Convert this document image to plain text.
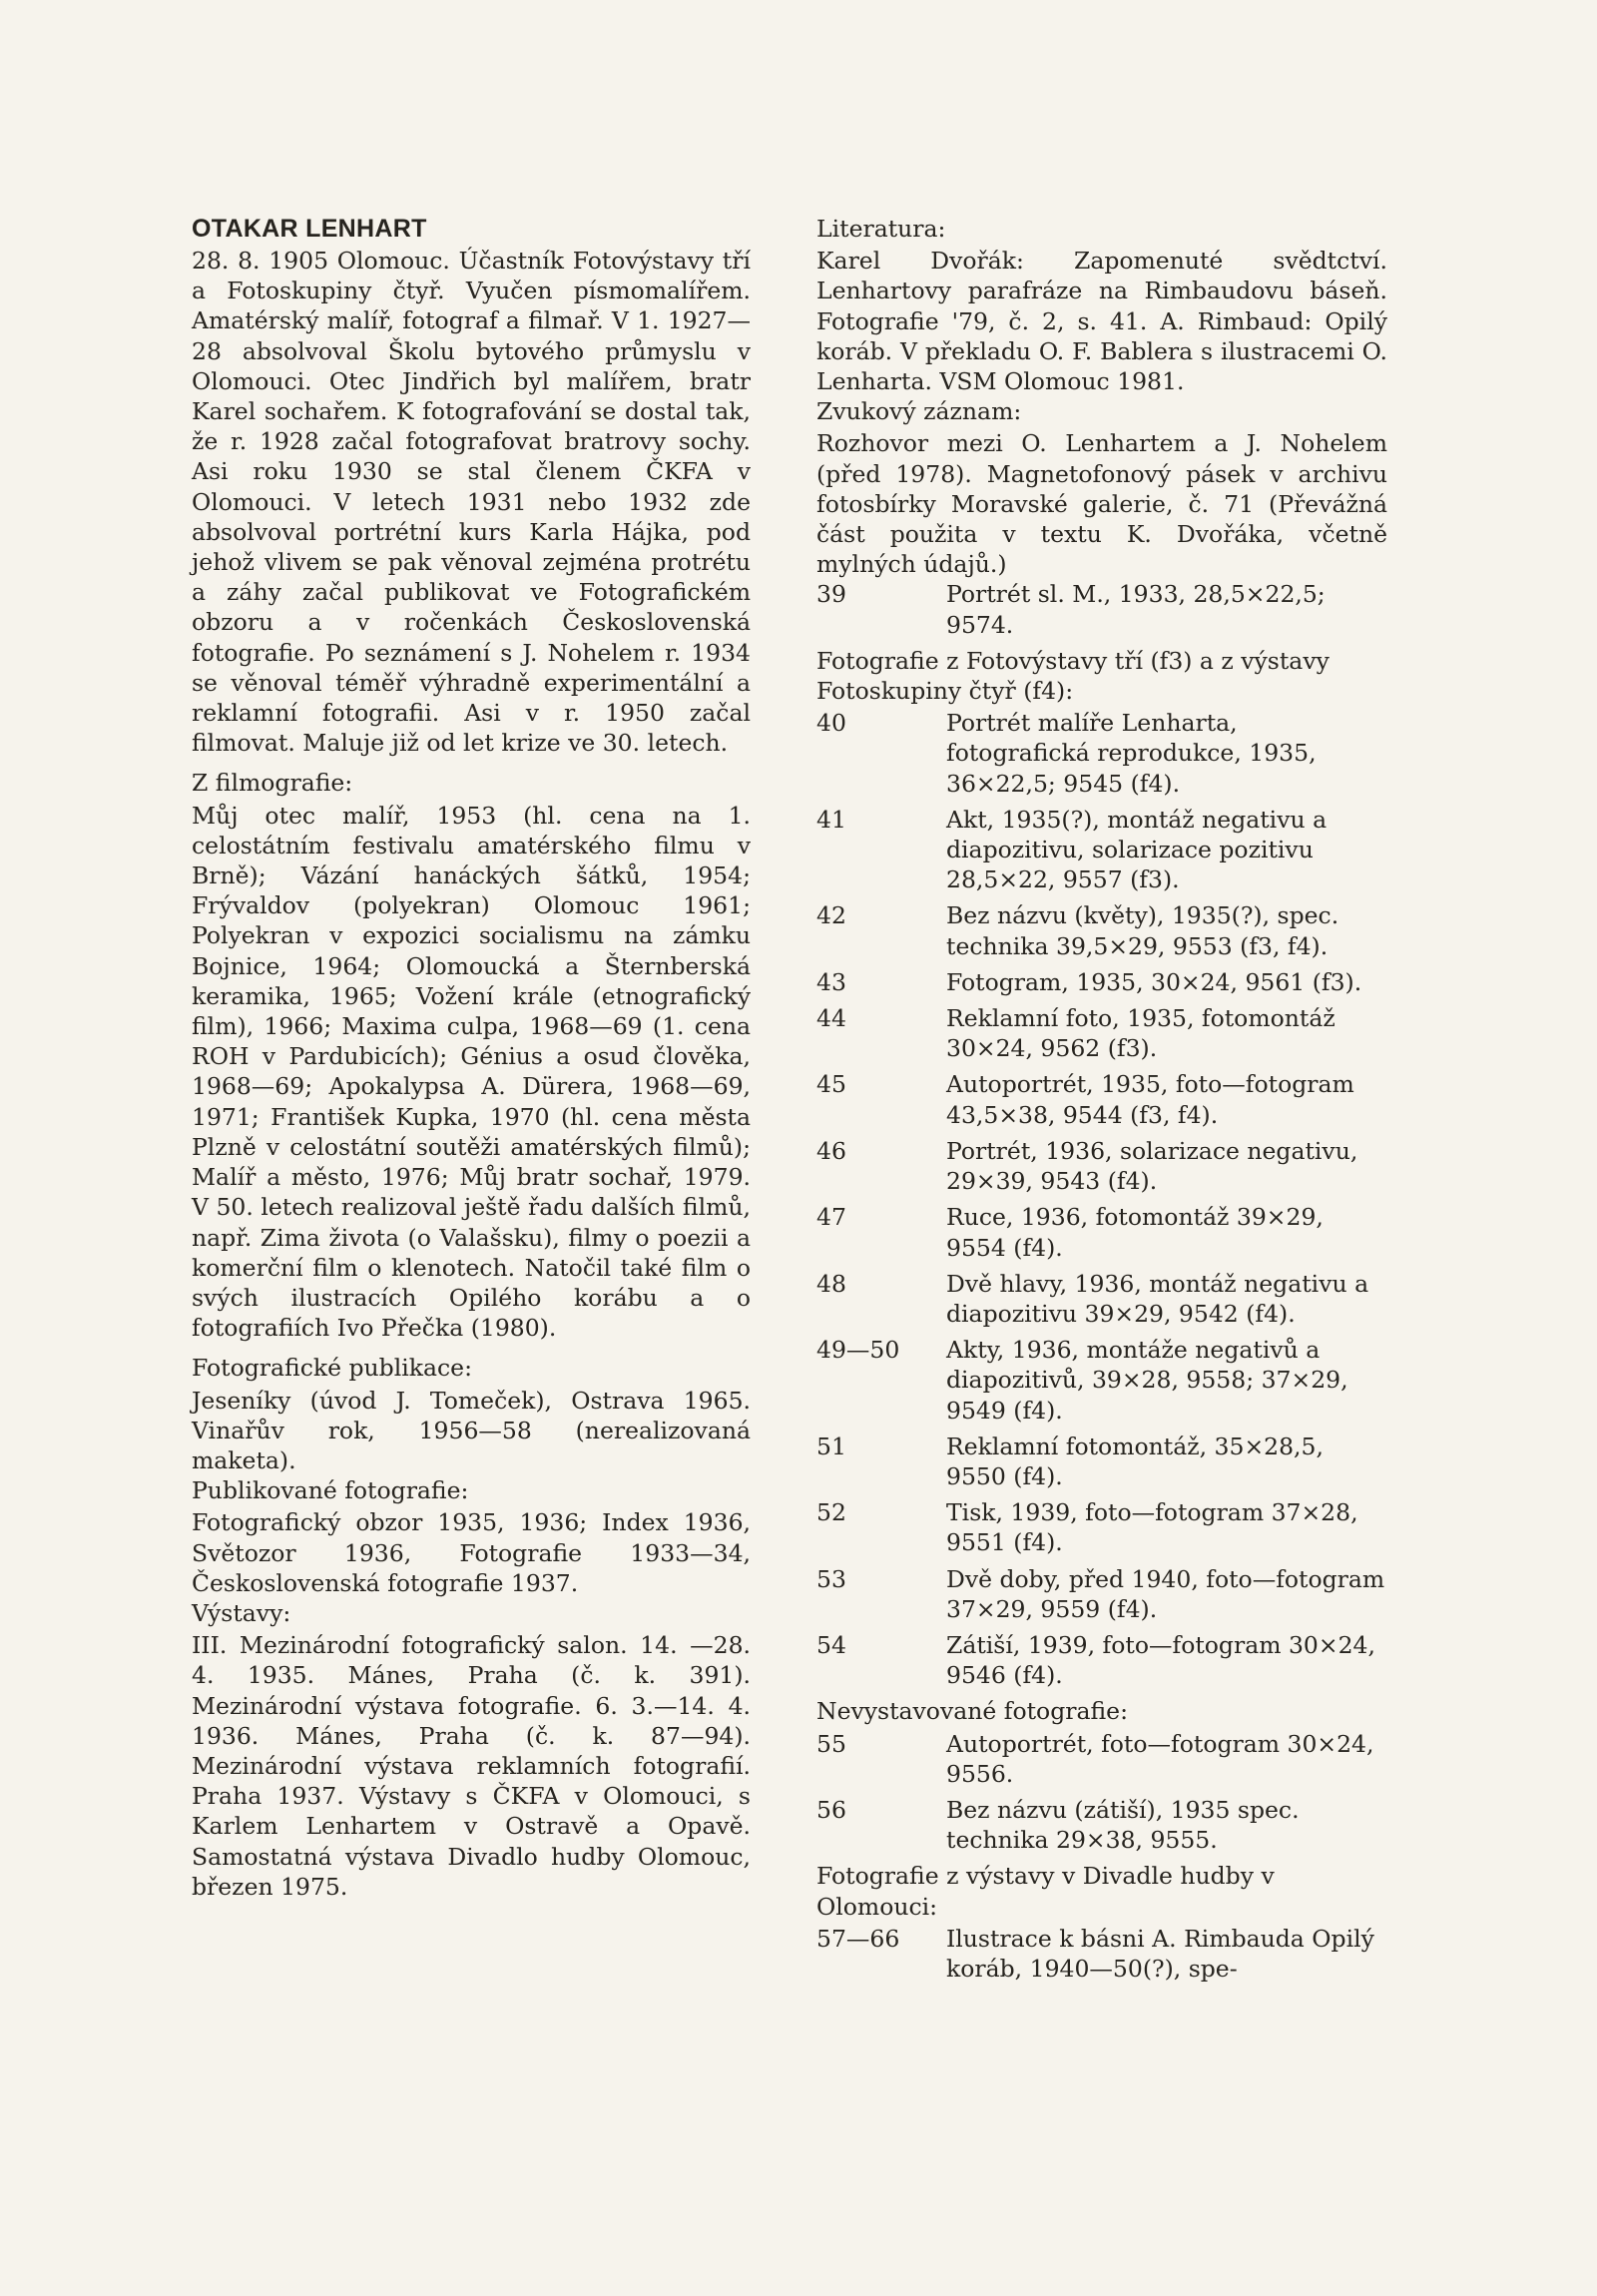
OTAKAR LENHART

28. 8. 1905 Olomouc. Účastník Fotovýstavy tří a Fotoskupiny čtyř. Vyučen písmomalířem. Amatérský malíř, fotograf a filmař. V 1. 1927—28 absolvoval Školu bytového průmyslu v Olomouci. Otec Jindřich byl malířem, bratr Karel sochařem. K fotografování se dostal tak, že r. 1928 začal fotografovat bratrovy sochy. Asi roku 1930 se stal členem ČKFA v Olomouci. V letech 1931 nebo 1932 zde absolvoval portrétní kurs Karla Hájka, pod jehož vlivem se pak věnoval zejména protrétu a záhy začal publikovat ve Fotografickém obzoru a v ročenkách Československá fotografie. Po seznámení s J. Nohelem r. 1934 se věnoval téměř výhradně experimentální a reklamní fotografii. Asi v r. 1950 začal filmovat. Maluje již od let krize ve 30. letech.

Z filmografie:

Můj otec malíř, 1953 (hl. cena na 1. celostátním festivalu amatérského filmu v Brně); Vázání hanáckých šátků, 1954; Frývaldov (polyekran) Olomouc 1961; Polyekran v expozici socialismu na zámku Bojnice, 1964; Olomoucká a Šternberská keramika, 1965; Vožení krále (etnografický film), 1966; Maxima culpa, 1968—69 (1. cena ROH v Pardubicích); Génius a osud člověka, 1968—69; Apokalypsa A. Dürera, 1968—69, 1971; František Kupka, 1970 (hl. cena města Plzně v celostátní soutěži amatérských filmů); Malíř a město, 1976; Můj bratr sochař, 1979. V 50. letech realizoval ještě řadu dalších filmů, např. Zima života (o Valašsku), filmy o poezii a komerční film o klenotech. Natočil také film o svých ilustracích Opilého korábu a o fotografiích Ivo Přečka (1980).

Fotografické publikace:

Jeseníky (úvod J. Tomeček), Ostrava 1965. Vinařův rok, 1956—58 (nerealizovaná maketa).

Publikované fotografie:

Fotografický obzor 1935, 1936; Index 1936, Světozor 1936, Fotografie 1933—34, Československá fotografie 1937.

Výstavy:

III. Mezinárodní fotografický salon. 14. —28. 4. 1935. Mánes, Praha (č. k. 391). Mezinárodní výstava fotografie. 6. 3.—14. 4. 1936. Mánes, Praha (č. k. 87—94). Mezinárodní výstava reklamních fotografií. Praha 1937. Výstavy s ČKFA v Olomouci, s Karlem Lenhartem v Ostravě a Opavě. Samostatná výstava Divadlo hudby Olomouc, březen 1975.

Literatura:

Karel Dvořák: Zapomenuté svědtctví. Lenhartovy parafráze na Rimbaudovu báseň. Fotografie '79, č. 2, s. 41. A. Rimbaud: Opilý koráb. V překladu O. F. Bablera s ilustracemi O. Lenharta. VSM Olomouc 1981.

Zvukový záznam:

Rozhovor mezi O. Lenhartem a J. Nohelem (před 1978). Magnetofonový pásek v archivu fotosbírky Moravské galerie, č. 71 (Převážná část použita v textu K. Dvořáka, včetně mylných údajů.)

39	Portrét sl. M., 1933, 28,5×22,5; 9574.
Fotografie z Fotovýstavy tří (f3) a z výstavy Fotoskupiny čtyř (f4):
40	Portrét malíře Lenharta, fotografická reprodukce, 1935, 36×22,5; 9545 (f4).
41	Akt, 1935(?), montáž negativu a diapozitivu, solarizace pozitivu 28,5×22, 9557 (f3).
42	Bez názvu (květy), 1935(?), spec. technika 39,5×29, 9553 (f3, f4).
43	Fotogram, 1935, 30×24, 9561 (f3).
44	Reklamní foto, 1935, fotomontáž 30×24, 9562 (f3).
45	Autoportrét, 1935, foto—fotogram 43,5×38, 9544 (f3, f4).
46	Portrét, 1936, solarizace negativu, 29×39, 9543 (f4).
47	Ruce, 1936, fotomontáž 39×29, 9554 (f4).
48	Dvě hlavy, 1936, montáž negativu a diapozitivu 39×29, 9542 (f4).
49—50	Akty, 1936, montáže negativů a diapozitivů, 39×28, 9558; 37×29, 9549 (f4).
51	Reklamní fotomontáž, 35×28,5, 9550 (f4).
52	Tisk, 1939, foto—fotogram 37×28, 9551 (f4).
53	Dvě doby, před 1940, foto—fotogram 37×29, 9559 (f4).
54	Zátiší, 1939, foto—fotogram 30×24, 9546 (f4).
Nevystavované fotografie:
55	Autoportrét, foto—fotogram 30×24, 9556.
56	Bez názvu (zátiší), 1935 spec. technika 29×38, 9555.
Fotografie z výstavy v Divadle hudby v Olomouci:
57—66	Ilustrace k básni A. Rimbauda Opilý koráb, 1940—50(?), spe-
